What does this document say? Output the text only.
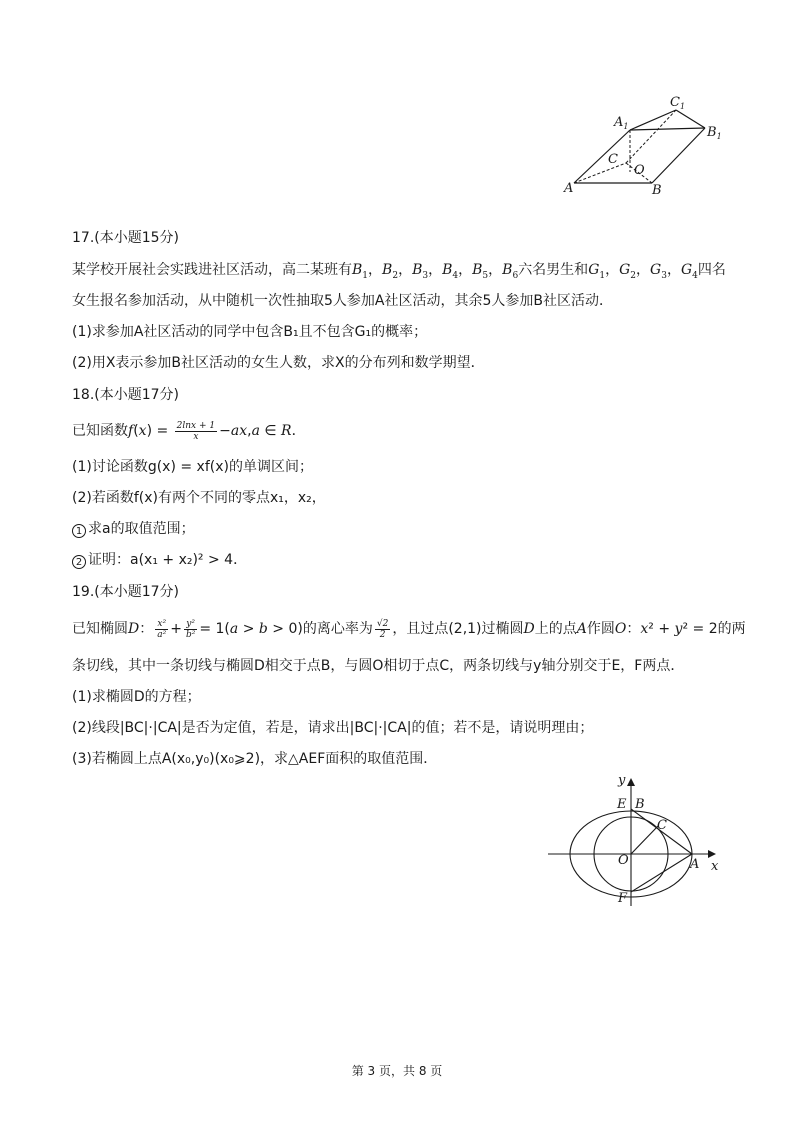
$A_1$
$C_1$
$B_1$
C
O
A	B
17.(本小题15分)
某学校开展社会实践进社区活动，高二某班有$B_1$，$B_2$，$B_3$，$B_4$，$B_5$，$B_6$六名男生和$G_1$，$G_2$，$G_3$，$G_4$四名
女生报名参加活动，从中随机一次性抽取5人参加A社区活动，其余5人参加B社区活动．
(1)求参加A社区活动的同学中包含B₁且不包含G₁的概率；
(2)用X表示参加B社区活动的女生人数，求X的分布列和数学期望．
18.(本小题17分)
已知函数$f(x) = \frac{2\ln x + 1}{x} -ax,a$ ∈ R．
(1)讨论函数g(x) = xf(x)的单调区间；
(2)若函数f(x)有两个不同的零点x₁，x₂，
1 求a的取值范围；
2 证明：a(x₁ + x₂)² > 4．
19.(本小题17分)
已知椭圆D： $\frac{\text{x²}}{\text{a²}} + \frac{\text{y²}}{\text{b²}} = 1(a > b > 0)$的离心率为 $\frac{√2}{2}$ ，且过点(2,1)过椭圆D上的点A作圆O：x² + y² = 2的两
条切线，其中一条切线与椭圆D相交于点B，与圆O相切于点C，两条切线与y轴分别交于E，F两点．
(1)求椭圆D的方程；
(2)线段|BC|·|CA|是否为定值，若是，请求出|BC|·|CA|的值；若不是，请说明理由；
(3)若椭圆上点A(x₀,y₀)(x₀⩾2)，求△AEF面积的取值范围．
y
x
E B
C
O	A
F
第 3 页，共 8 页
